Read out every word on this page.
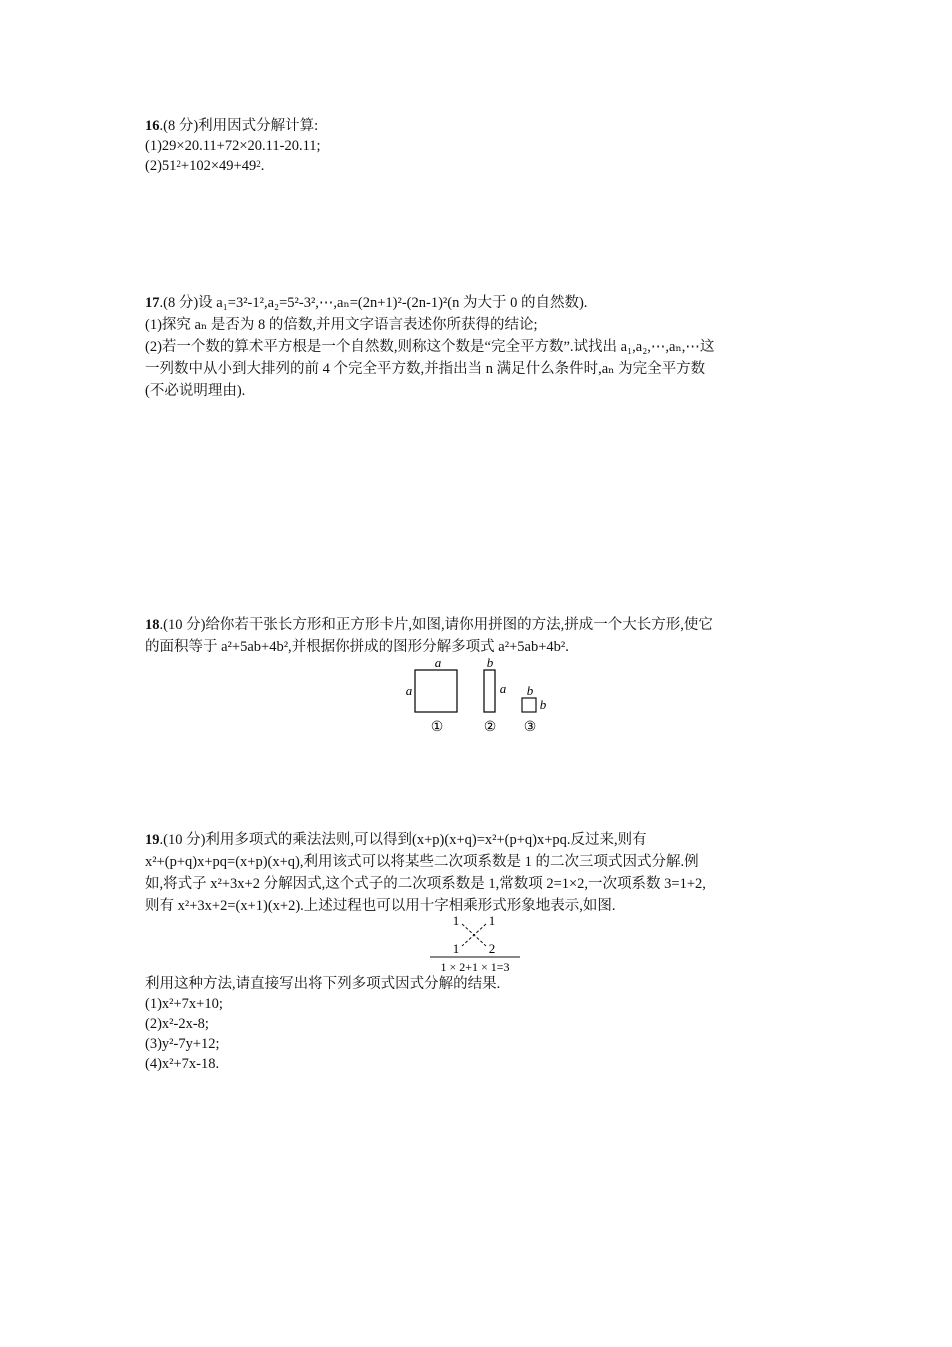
16.(8 分)利用因式分解计算:
(1)29×20.11+72×20.11-20.11;
$(2)51^2+102\times 49+49^2$.
17.(8 分)设 a₁=3²-1²,a₂=5²-3²,⋯,aₙ=(2n+1)²-(2n-1)²(n 为大于 0 的自然数).
(1)探究 aₙ 是否为 8 的倍数,并用文字语言表述你所获得的结论;
(2)若一个数的算术平方根是一个自然数,则称这个数是“完全平方数”.试找出 a₁,a₂,⋯,aₙ,⋯这
一列数中从小到大排列的前 4 个完全平方数,并指出当 n 满足什么条件时,aₙ 为完全平方数
(不必说明理由).
18.(10 分)给你若干张长方形和正方形卡片,如图,请你用拼图的方法,拼成一个大长方形,使它
的面积等于 a²+5ab+4b²,并根据你拼成的图形分解多项式 a²+5ab+4b².
a
a
b
a b
b
①	② ③
19.(10 分)利用多项式的乘法法则,可以得到(x+p)(x+q)=x²+(p+q)x+pq.反过来,则有
x²+(p+q)x+pq=(x+p)(x+q),利用该式可以将某些二次项系数是 1 的二次三项式因式分解.例
如,将式子 x²+3x+2 分解因式,这个式子的二次项系数是 1,常数项 2=1×2,一次项系数 3=1+2,
则有 x²+3x+2=(x+1)(x+2).上述过程也可以用十字相乘形式形象地表示,如图.
1 1
1 2
1 × 2+1 × 1=3
利用这种方法,请直接写出将下列多项式因式分解的结果.
(1)x²+7x+10;
(2)x²-2x-8;
(3)y²-7y+12;
(4)x²+7x-18.
